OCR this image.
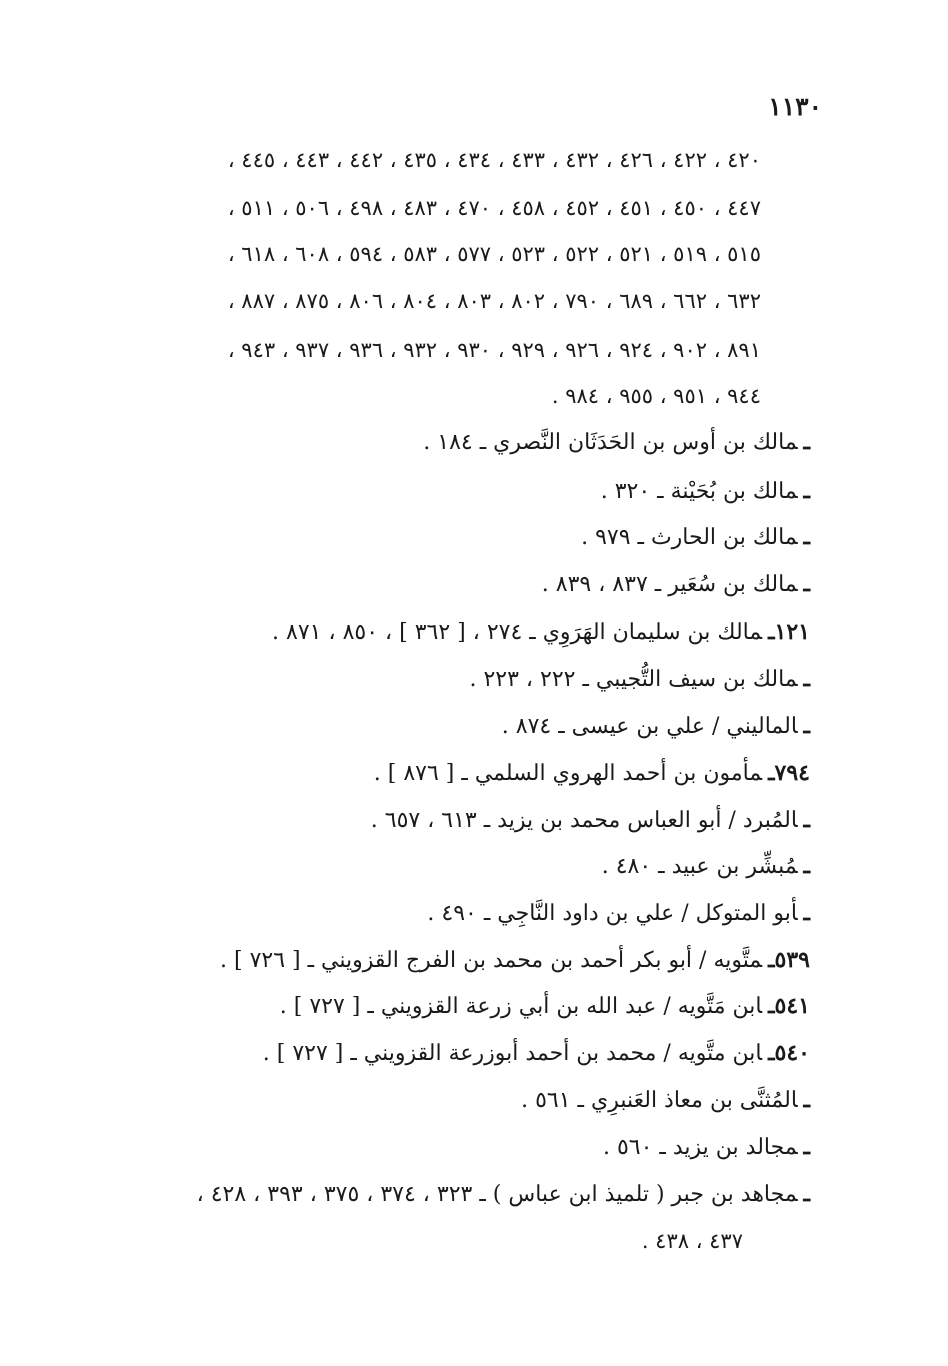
١١٣٠
٤٢٠ ، ٤٢٢ ، ٤٢٦ ، ٤٣٢ ، ٤٣٣ ، ٤٣٤ ، ٤٣٥ ، ٤٤٢ ، ٤٤٣ ، ٤٤٥ ،
٤٤٧ ، ٤٥٠ ، ٤٥١ ، ٤٥٢ ، ٤٥٨ ، ٤٧٠ ، ٤٨٣ ، ٤٩٨ ، ٥٠٦ ، ٥١١ ،
٥١٥ ، ٥١٩ ، ٥٢١ ، ٥٢٢ ، ٥٢٣ ، ٥٧٧ ، ٥٨٣ ، ٥٩٤ ، ٦٠٨ ، ٦١٨ ،
٦٣٢ ، ٦٦٢ ، ٦٨٩ ، ٧٩٠ ، ٨٠٢ ، ٨٠٣ ، ٨٠٤ ، ٨٠٦ ، ٨٧٥ ، ٨٨٧ ،
٨٩١ ، ٩٠٢ ، ٩٢٤ ، ٩٢٦ ، ٩٢٩ ، ٩٣٠ ، ٩٣٢ ، ٩٣٦ ، ٩٣٧ ، ٩٤٣ ،
٩٤٤ ، ٩٥١ ، ٩٥٥ ، ٩٨٤ .
ـمالك بن أوس بن الحَدَثَان النَّصري ـ ١٨٤ .
ـمالك بن بُحَيْنة ـ ٣٢٠ .
ـمالك بن الحارث ـ ٩٧٩ .
ـمالك بن سُعَير ـ ٨٣٧ ، ٨٣٩ .
١٢١ـمالك بن سليمان الهَرَوِي ـ ٢٧٤ ، [ ٣٦٢ ] ، ٨٥٠ ، ٨٧١ .
ـمالك بن سيف التُّجيبي ـ ٢٢٢ ، ٢٢٣ .
ـالماليني / علي بن عيسى ـ ٨٧٤ .
٧٩٤ـمأمون بن أحمد الهروي السلمي ـ [ ٨٧٦ ] .
ـالمُبرد / أبو العباس محمد بن يزيد ـ ٦١٣ ، ٦٥٧ .
ـمُبشِّر بن عبيد ـ ٤٨٠ .
ـأبو المتوكل / علي بن داود النَّاجِي ـ ٤٩٠ .
٥٣٩ـمتَّويه / أبو بكر أحمد بن محمد بن الفرج القزويني ـ [ ٧٢٦ ] .
٥٤١ـابن مَتَّويه / عبد الله بن أبي زرعة القزويني ـ [ ٧٢٧ ] .
٥٤٠ـابن متَّويه / محمد بن أحمد أبوزرعة القزويني ـ [ ٧٢٧ ] .
ـالمُثنَّى بن معاذ العَنبرِي ـ ٥٦١ .
ـمجالد بن يزيد ـ ٥٦٠ .
ـمجاهد بن جبر ( تلميذ ابن عباس ) ـ ٣٢٣ ، ٣٧٤ ، ٣٧٥ ، ٣٩٣ ، ٤٢٨ ،
٤٣٧ ، ٤٣٨ .
